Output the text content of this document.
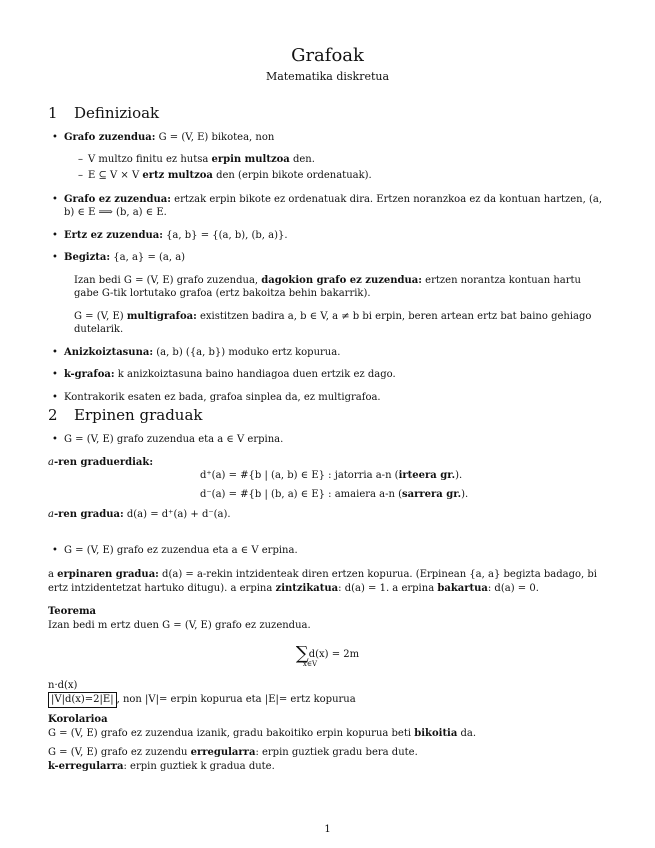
Grafoak
Matematika diskretua
1 Definizioak
• Grafo zuzendua: G = (V, E) bikotea, non
– V multzo finitu ez hutsa erpin multzoa den.
– E ⊆ V × V ertz multzoa den (erpin bikote ordenatuak).
• Grafo ez zuzendua: ertzak erpin bikote ez ordenatuak dira. Ertzen noranzkoa ez da kontuan hartzen, (a, b) ∈ E ⟹ (b, a) ∈ E.
• Ertz ez zuzendua: {a, b} = {(a, b), (b, a)}.
• Begizta: {a, a} = (a, a)
Izan bedi G = (V, E) grafo zuzendua, dagokion grafo ez zuzendua: ertzen norantza kontuan hartu gabe G-tik lortutako grafoa (ertz bakoitza behin bakarrik).
G = (V, E) multigrafoa: existitzen badira a, b ∈ V, a ≠ b bi erpin, beren artean ertz bat baino gehiago dutelarik.
• Anizkoiztasuna: (a, b) ({a, b}) moduko ertz kopurua.
• k-grafoa: k anizkoiztasuna baino handiagoa duen ertzik ez dago.
• Kontrakorik esaten ez bada, grafoa sinplea da, ez multigrafoa.
2 Erpinen graduak
• G = (V, E) grafo zuzendua eta a ∈ V erpina.
a-ren graduerdiak:
d⁺(a) = #{b | (a, b) ∈ E} : jatorria a-n (irteera gr.).
d⁻(a) = #{b | (b, a) ∈ E} : amaiera a-n (sarrera gr.).
a-ren gradua: d(a) = d⁺(a) + d⁻(a).
• G = (V, E) grafo ez zuzendua eta a ∈ V erpina.
a erpinaren gradua: d(a) = a-rekin intzidenteak diren ertzen kopurua. (Erpinean {a, a} begizta badago, bi ertz intzidentetzat hartuko ditugu). a erpina zintzikatua: d(a) = 1. a erpina bakartua: d(a) = 0.
Teorema
Izan bedi m ertz duen G = (V, E) grafo ez zuzendua.
∑d(x) = 2m
x∈V
n·d(x)
|V|d(x)=2|E| , non |V|= erpin kopurua eta |E|= ertz kopurua
Korolarioa
G = (V, E) grafo ez zuzendua izanik, gradu bakoitiko erpin kopurua beti bikoitia da.
G = (V, E) grafo ez zuzendu erregularra: erpin guztiek gradu bera dute.
k-erregularra: erpin guztiek k gradua dute.
1
